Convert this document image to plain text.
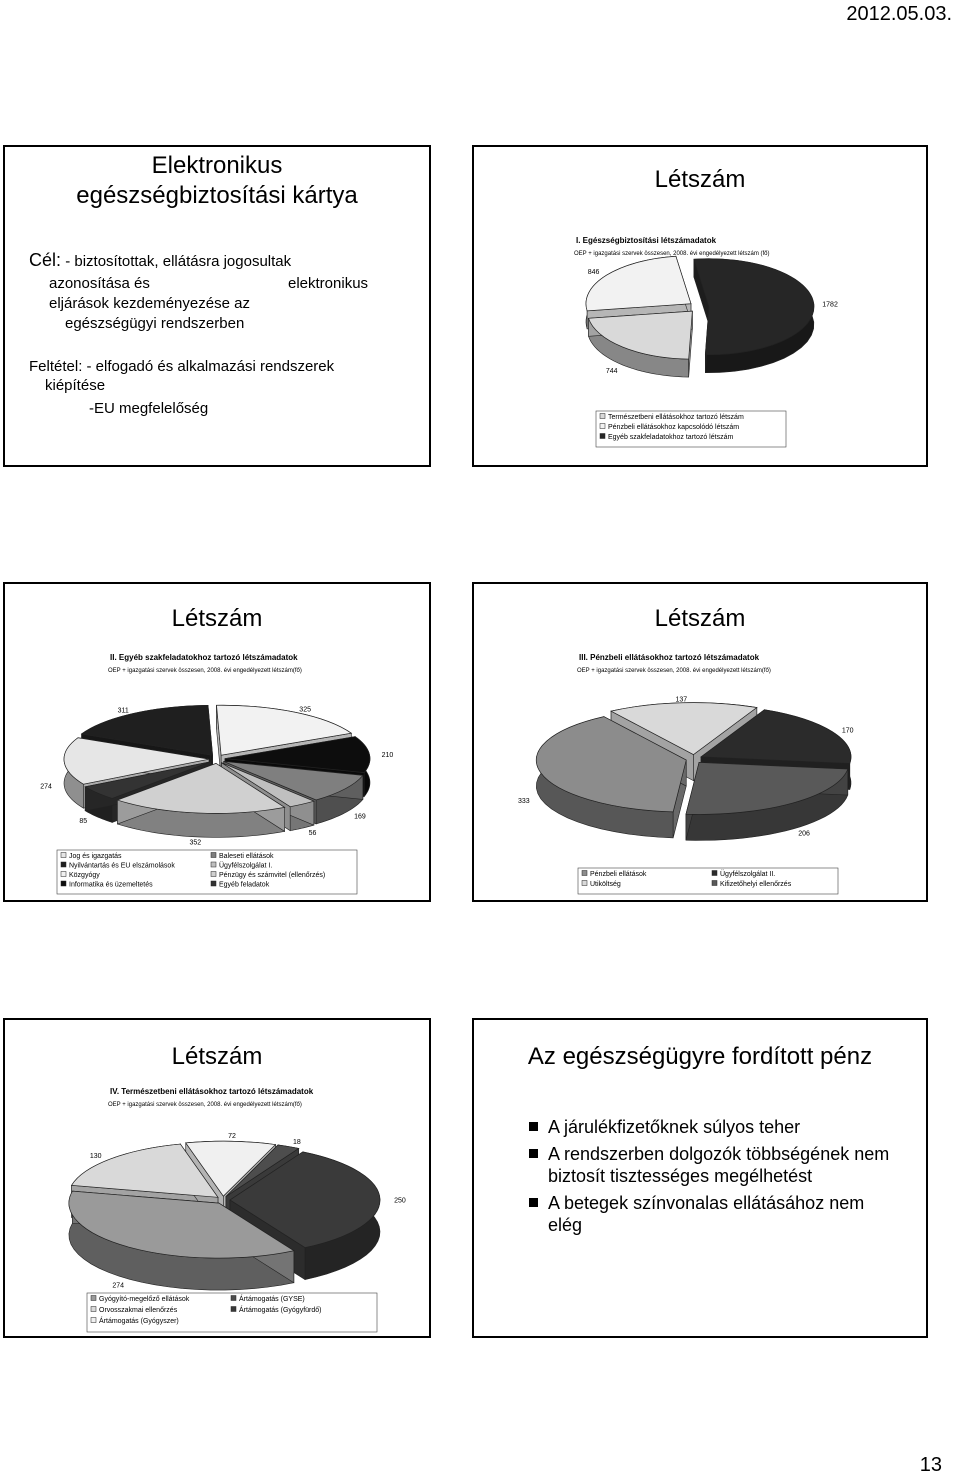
2012.05.03.
Elektronikus
egészségbiztosítási kártya
Cél: - biztosítottak, ellátásra jogosultak
azonosítása és	elektronikus
eljárások kezdeményezése az
egészségügyi rendszerben
Feltétel: - elfogadó és alkalmazási rendszerek
kiépítése
-EU megfelelőség
Létszám
I. Egészségbiztosítási létszámadatok
OEP + igazgatási szervek összesen, 2008. évi engedélyezett létszám (fő)
744
846
1782
Természetbeni ellátásokhoz tartozó létszám
Pénzbeli ellátásokhoz kapcsolódó létszám
Egyéb szakfeladatokhoz tartozó létszám
Létszám
II. Egyéb szakfeladatokhoz tartozó létszámadatok
OEP + igazgatási szervek összesen, 2008. évi engedélyezett létszám(fő)
274
311	325
210
169
56
352
85
Jog és igazgatás
Nyilvántartás és EU elszámolások
Közgyógy
Informatika és üzemeltetés
Baleseti ellátások
Ügyfélszolgálat I.
Pénzügy és számvitel (ellenőrzés)
Egyéb feladatok
Létszám
III. Pénzbeli ellátásokhoz tartozó létszámadatok
OEP + igazgatási szervek összesen, 2008. évi engedélyezett létszám(fő)
333
137
170
206
Pénzbeli ellátások
Utiköltség
Ügyfélszolgálat II.
Kifizetőhelyi ellenőrzés
Létszám
IV. Természetbeni ellátásokhoz tartozó létszámadatok
OEP + igazgatási szervek összesen, 2008. évi engedélyezett létszám(fő)
274
130
72
18
250
Gyógyító-megelőző ellátások
Orvosszakmai ellenőrzés
Ártámogatás (Gyógyszer)
Ártámogatás (GYSE)
Ártámogatás (Gyógyfürdő)
Az egészségügyre fordított pénz
A járulékfizetőknek súlyos teher
A rendszerben dolgozók többségének nem biztosít tisztességes megélhetést
A betegek színvonalas ellátásához nem elég
13
